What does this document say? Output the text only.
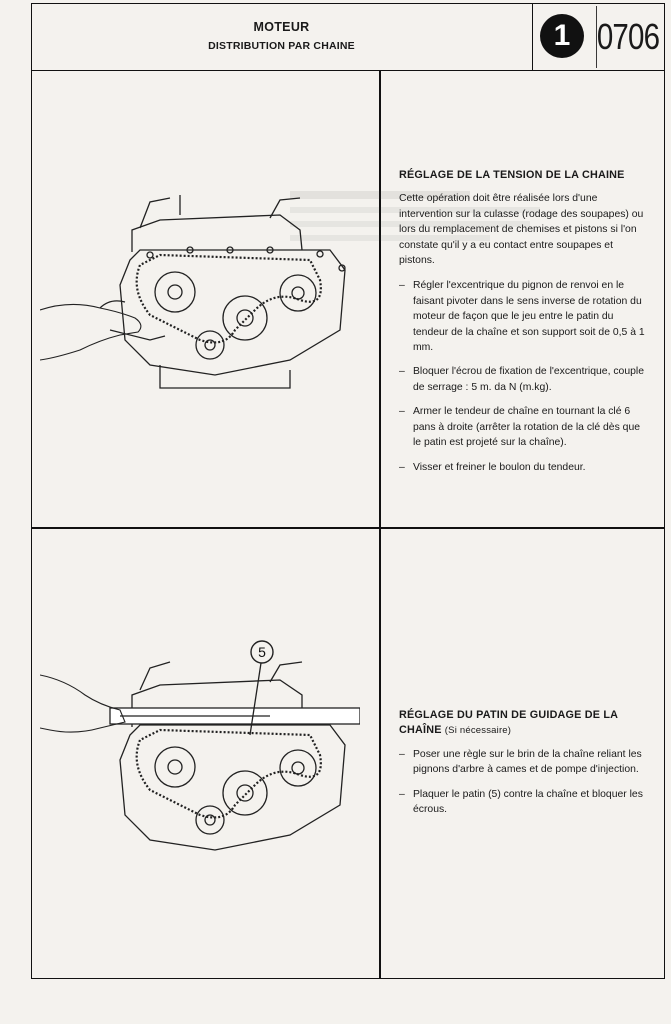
MOTEUR
DISTRIBUTION PAR CHAINE	1 0706
5
RÉGLAGE DE LA TENSION DE LA CHAINE

Cette opération doit être réalisée lors d'une intervention sur la culasse (rodage des soupapes) ou lors du remplacement de chemises et pistons si l'on constate qu'il y a eu contact entre soupapes et pistons.

– Régler l'excentrique du pignon de renvoi en le faisant pivoter dans le sens inverse de rotation du moteur de façon que le jeu entre le patin du tendeur de la chaîne et son support soit de 0,5 à 1 mm.
– Bloquer l'écrou de fixation de l'excentrique, couple de serrage : 5 m. da N (m.kg).
– Armer le tendeur de chaîne en tournant la clé 6 pans à droite (arrêter la rotation de la clé dès que le patin est projeté sur la chaîne).
– Visser et freiner le boulon du tendeur.
RÉGLAGE DU PATIN DE GUIDAGE DE LA CHAÎNE (Si nécessaire)
– Poser une règle sur le brin de la chaîne reliant les pignons d'arbre à cames et de pompe d'injection.
– Plaquer le patin (5) contre la chaîne et bloquer les écrous.
